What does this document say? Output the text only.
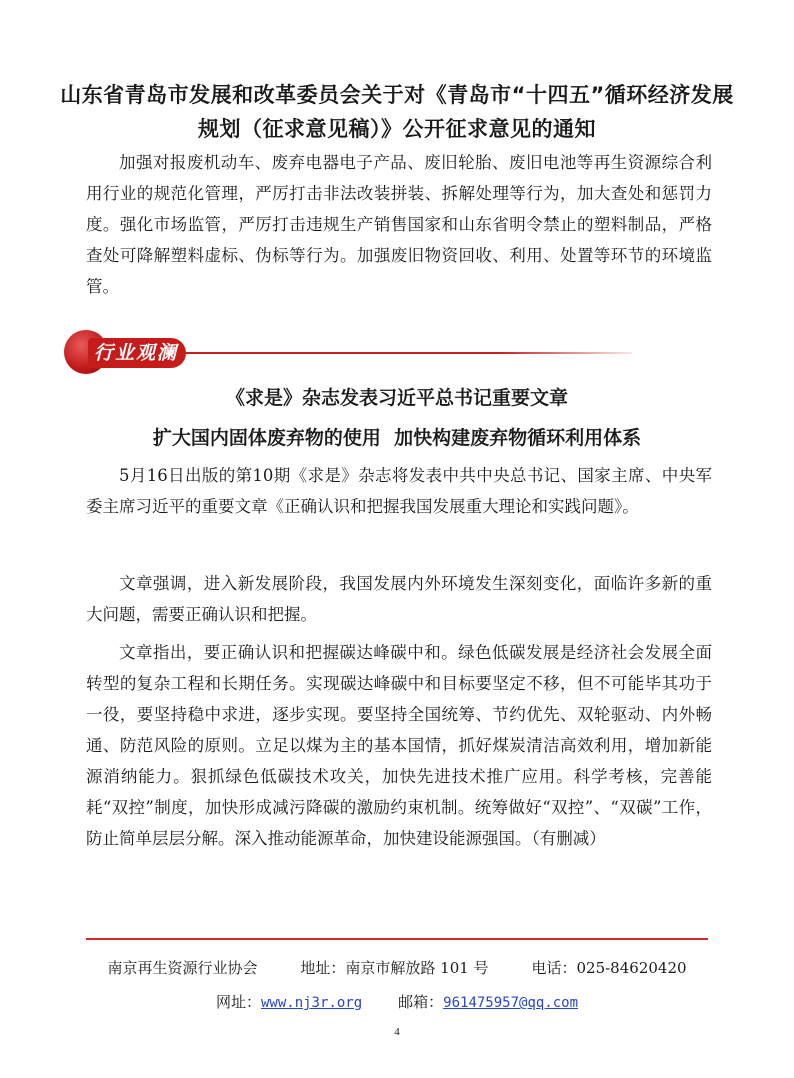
山东省青岛市发展和改革委员会关于对《青岛市“十四五”循环经济发展规划（征求意见稿）》公开征求意见的通知

加强对报废机动车、废弃电器电子产品、废旧轮胎、废旧电池等再生资源综合利用行业的规范化管理，严厉打击非法改装拼装、拆解处理等行为，加大查处和惩罚力度。强化市场监管，严厉打击违规生产销售国家和山东省明令禁止的塑料制品，严格查处可降解塑料虚标、伪标等行为。加强废旧物资回收、利用、处置等环节的环境监管。

行业观澜
《求是》杂志发表习近平总书记重要文章
扩大国内固体废弃物的使用  加快构建废弃物循环利用体系

5月16日出版的第10期《求是》杂志将发表中共中央总书记、国家主席、中央军委主席习近平的重要文章《正确认识和把握我国发展重大理论和实践问题》。

文章强调，进入新发展阶段，我国发展内外环境发生深刻变化，面临许多新的重大问题，需要正确认识和把握。

文章指出，要正确认识和把握碳达峰碳中和。绿色低碳发展是经济社会发展全面转型的复杂工程和长期任务。实现碳达峰碳中和目标要坚定不移，但不可能毕其功于一役，要坚持稳中求进，逐步实现。要坚持全国统筹、节约优先、双轮驱动、内外畅通、防范风险的原则。立足以煤为主的基本国情，抓好煤炭清洁高效利用，增加新能源消纳能力。狠抓绿色低碳技术攻关，加快先进技术推广应用。科学考核，完善能耗“双控”制度，加快形成减污降碳的激励约束机制。统筹做好“双控”、“双碳”工作，防止简单层层分解。深入推动能源革命，加快建设能源强国。（有删减）

南京再生资源行业协会	地址：南京市解放路 101 号	电话：025-84620420
网址：www.nj3r.org 邮箱：961475957@qq.com
4
